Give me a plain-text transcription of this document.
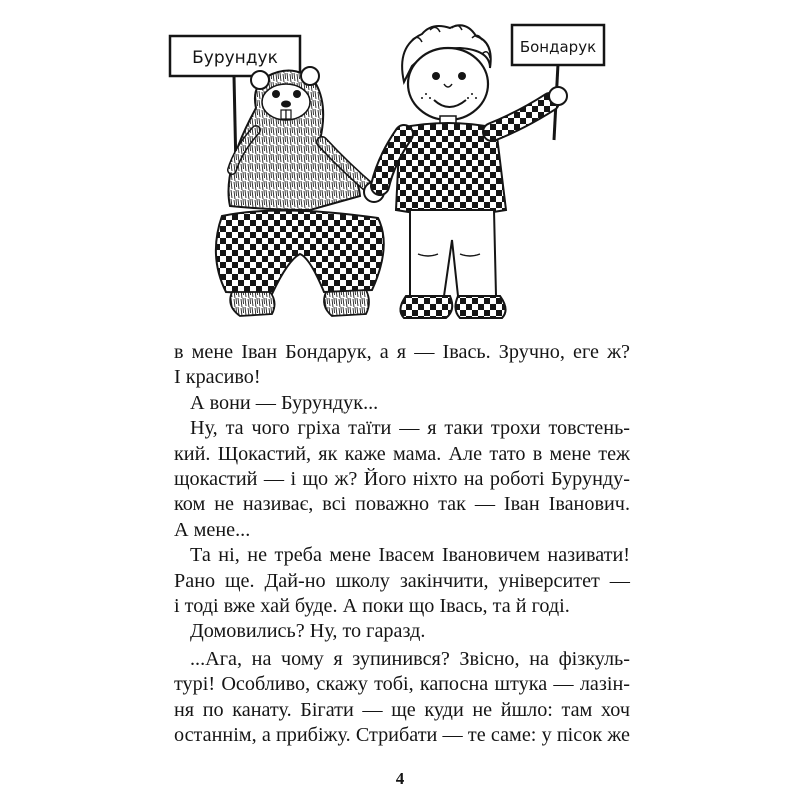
Бурундук
Бондарук
в мене Іван Бондарук, а я — Івась. Зручно, еге ж?
І красиво!
А вони — Бурундук...
Ну, та чого гріха таїти — я таки трохи товстень-
кий. Щокастий, як каже мама. Але тато в мене теж
щокастий — і що ж? Його ніхто на роботі Бурунду-
ком не називає, всі поважно так — Іван Іванович.
А мене...
Та ні, не треба мене Івасем Івановичем називати!
Рано ще. Дай-но школу закінчити, університет —
і тоді вже хай буде. А поки що Івась, та й годі.
Домовились? Ну, то гаразд.
...Ага, на чому я зупинився? Звісно, на фізкуль-
турі! Особливо, скажу тобі, капосна штука — лазін-
ня по канату. Бігати — ще куди не йшло: там хоч
останнім, а прибіжу. Стрибати — те саме: у пісок же
4
